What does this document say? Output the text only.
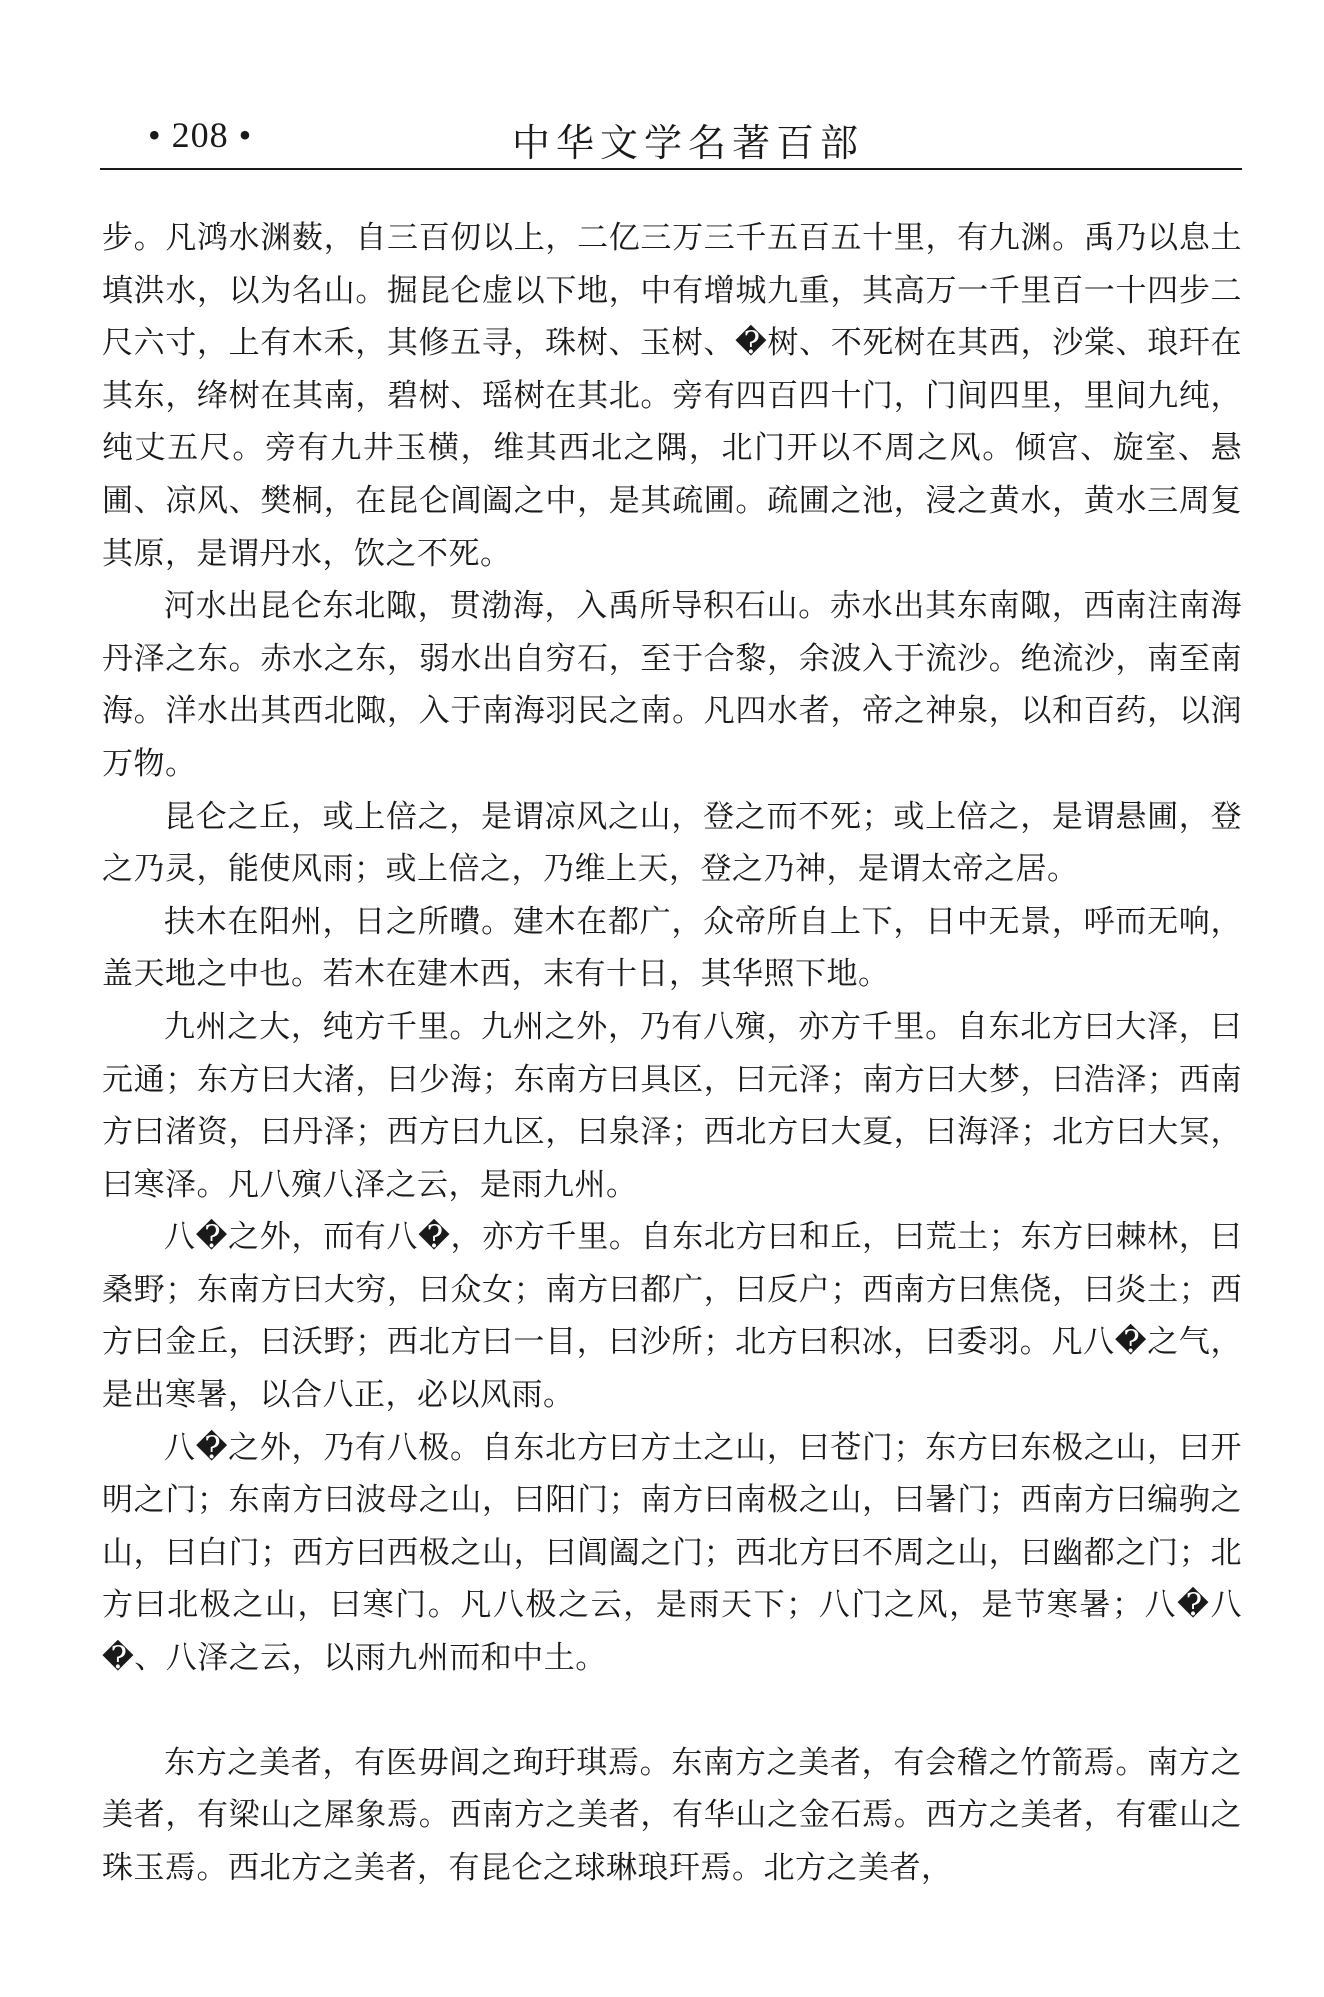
• 208 •	中华文学名著百部

步。凡鸿水渊薮，自三百仞以上，二亿三万三千五百五十里，有九渊。禹乃以息土填洪水，以为名山。掘昆仑虚以下地，中有增城九重，其高万一千里百一十四步二尺六寸，上有木禾，其修五寻，珠树、玉树、�树、不死树在其西，沙棠、琅玕在其东，绛树在其南，碧树、瑶树在其北。旁有四百四十门，门间四里，里间九纯，纯丈五尺。旁有九井玉横，维其西北之隅，北门开以不周之风。倾宫、旋室、悬圃、凉风、樊桐，在昆仑阊阖之中，是其疏圃。疏圃之池，浸之黄水，黄水三周复其原，是谓丹水，饮之不死。

河水出昆仑东北陬，贯渤海，入禹所导积石山。赤水出其东南陬，西南注南海丹泽之东。赤水之东，弱水出自穷石，至于合黎，余波入于流沙。绝流沙，南至南海。洋水出其西北陬，入于南海羽民之南。凡四水者，帝之神泉，以和百药，以润万物。

昆仑之丘，或上倍之，是谓凉风之山，登之而不死；或上倍之，是谓悬圃，登之乃灵，能使风雨；或上倍之，乃维上天，登之乃神，是谓太帝之居。

扶木在阳州，日之所曊。建木在都广，众帝所自上下，日中无景，呼而无响，盖天地之中也。若木在建木西，末有十日，其华照下地。

九州之大，纯方千里。九州之外，乃有八殥，亦方千里。自东北方曰大泽，曰元通；东方曰大渚，曰少海；东南方曰具区，曰元泽；南方曰大梦，曰浩泽；西南方曰渚资，曰丹泽；西方曰九区，曰泉泽；西北方曰大夏，曰海泽；北方曰大冥，曰寒泽。凡八殥八泽之云，是雨九州。

八�之外，而有八�，亦方千里。自东北方曰和丘，曰荒土；东方曰棘林，曰桑野；东南方曰大穷，曰众女；南方曰都广，曰反户；西南方曰焦侥，曰炎土；西方曰金丘，曰沃野；西北方曰一目，曰沙所；北方曰积冰，曰委羽。凡八�之气，是出寒暑，以合八正，必以风雨。

八�之外，乃有八极。自东北方曰方土之山，曰苍门；东方曰东极之山，曰开明之门；东南方曰波母之山，曰阳门；南方曰南极之山，曰暑门；西南方曰编驹之山，曰白门；西方曰西极之山，曰阊阖之门；西北方曰不周之山，曰幽都之门；北方曰北极之山，曰寒门。凡八极之云，是雨天下；八门之风，是节寒暑；八�八�、八泽之云，以雨九州而和中土。

东方之美者，有医毋闾之珣玗琪焉。东南方之美者，有会稽之竹箭焉。南方之美者，有梁山之犀象焉。西南方之美者，有华山之金石焉。西方之美者，有霍山之珠玉焉。西北方之美者，有昆仑之球琳琅玕焉。北方之美者，
